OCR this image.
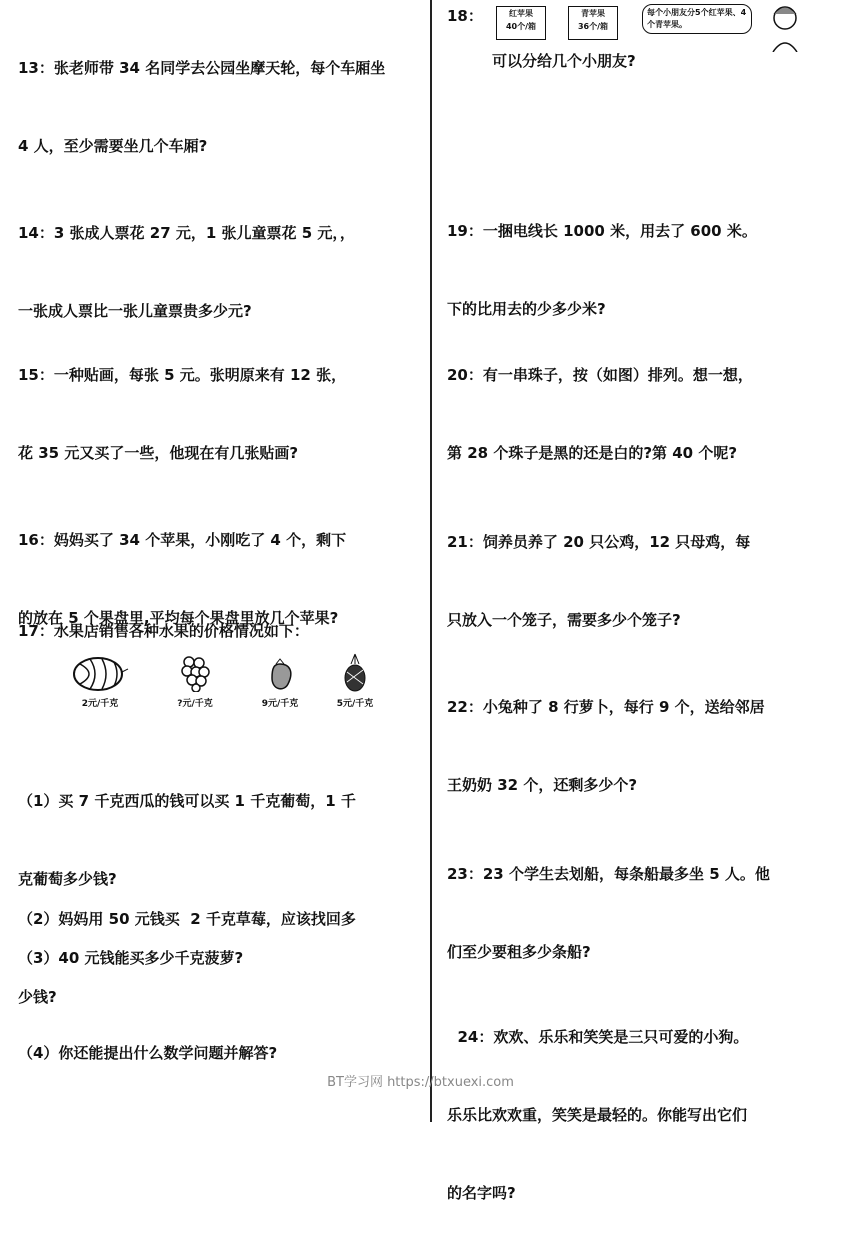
13：张老师带 34 名同学去公园坐摩天轮，每个车厢坐

4 人，至少需要坐几个车厢?

14：3 张成人票花 27 元，1 张儿童票花 5 元，，

一张成人票比一张儿童票贵多少元?

15：一种贴画，每张 5 元。张明原来有 12 张，

花 35 元又买了一些，他现在有几张贴画?

16：妈妈买了 34 个苹果，小刚吃了 4 个，剩下

的放在 5 个果盘里,平均每个果盘里放几个苹果?

17：水果店销售各种水果的价格情况如下：
2元/千克	?元/千克	9元/千克	5元/千克

（1）买 7 千克西瓜的钱可以买 1 千克葡萄，1 千

克葡萄多少钱?

（2）妈妈用 50 元钱买  2 千克草莓，应该找回多

少钱?

（3）40 元钱能买多少千克菠萝?
（4）你还能提出什么数学问题并解答?
18：	红苹果
40个/箱
青苹果
36个/箱
每个小朋友分5个红苹果、4个青苹果。
可以分给几个小朋友?

19：一捆电线长 1000 米，用去了 600 米。

下的比用去的少多少米?

20：有一串珠子，按（如图）排列。想一想，

第 28 个珠子是黑的还是白的?第 40 个呢?

21：饲养员养了 20 只公鸡，12 只母鸡，每

只放入一个笼子，需要多少个笼子?

22：小兔种了 8 行萝卜，每行 9 个，送给邻居

王奶奶 32 个，还剩多少个?

23：23 个学生去划船，每条船最多坐 5 人。他

们至少要租多少条船?

24：欢欢、乐乐和笑笑是三只可爱的小狗。

乐乐比欢欢重，笑笑是最轻的。你能写出它们

的名字吗?

BT学习网 https://btxuexi.com
